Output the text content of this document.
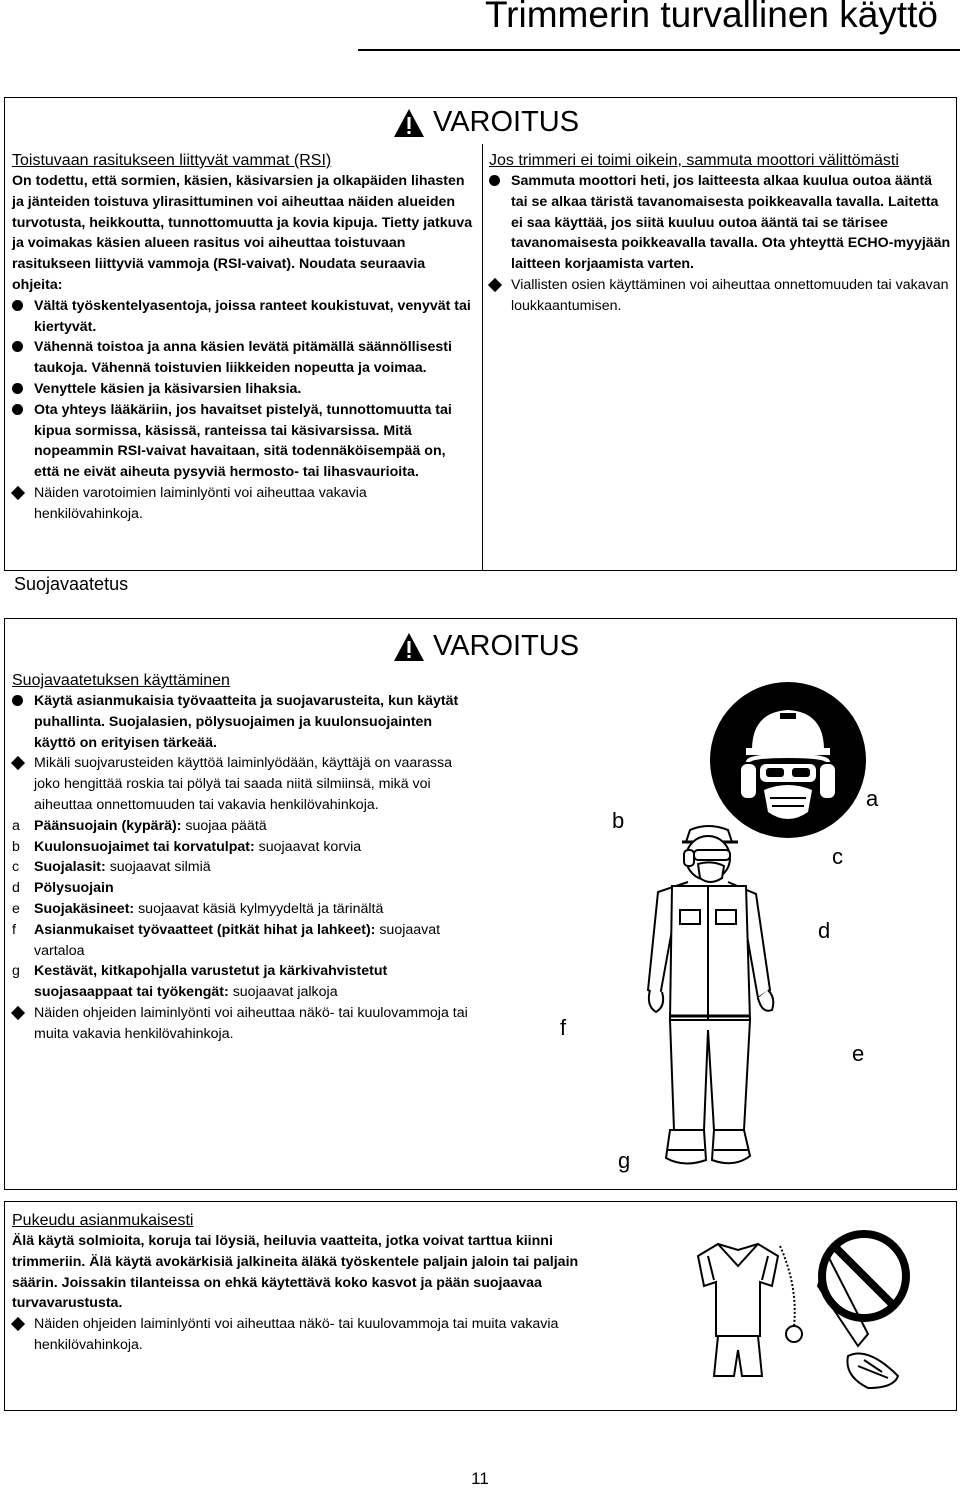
Trimmerin turvallinen käyttö
VAROITUS
Toistuvaan rasitukseen liittyvät vammat (RSI)
On todettu, että sormien, käsien, käsivarsien ja olkapäiden lihasten ja jänteiden toistuva ylirasittuminen voi aiheuttaa näiden alueiden turvotusta, heikkoutta, tunnottomuutta ja kovia kipuja. Tietty jatkuva ja voimakas käsien alueen rasitus voi aiheuttaa toistuvaan rasitukseen liittyviä vammoja (RSI-vaivat). Noudata seuraavia ohjeita:
Vältä työskentelyasentoja, joissa ranteet koukistuvat, venyvät tai kiertyvät.
Vähennä toistoa ja anna käsien levätä pitämällä säännöllisesti taukoja. Vähennä toistuvien liikkeiden nopeutta ja voimaa.
Venyttele käsien ja käsivarsien lihaksia.
Ota yhteys lääkäriin, jos havaitset pistelyä, tunnottomuutta tai kipua sormissa, käsissä, ranteissa tai käsivarsissa. Mitä nopeammin RSI-vaivat havaitaan, sitä todennäköisempää on, että ne eivät aiheuta pysyviä hermosto- tai lihasvaurioita.
Näiden varotoimien laiminlyönti voi aiheuttaa vakavia henkilövahinkoja.
Jos trimmeri ei toimi oikein, sammuta moottori välittömästi
Sammuta moottori heti, jos laitteesta alkaa kuulua outoa ääntä tai se alkaa täristä tavanomaisesta poikkeavalla tavalla. Laitetta ei saa käyttää, jos siitä kuuluu outoa ääntä tai se tärisee tavanomaisesta poikkeavalla tavalla. Ota yhteyttä ECHO-myyjään laitteen korjaamista varten.
Viallisten osien käyttäminen voi aiheuttaa onnettomuuden tai vakavan loukkaantumisen.
Suojavaatetus
VAROITUS
Suojavaatetuksen käyttäminen
Käytä asianmukaisia työvaatteita ja suojavarusteita, kun käytät puhallinta. Suojalasien, pölysuojaimen ja kuulonsuojainten käyttö on erityisen tärkeää.
Mikäli suojvarusteiden käyttöä laiminlyödään, käyttäjä on vaarassa joko hengittää roskia tai pölyä tai saada niitä silmiinsä, mikä voi aiheuttaa onnettomuuden tai vakavia henkilövahinkoja.
a Päänsuojain (kypärä): suojaa päätä
b Kuulonsuojaimet tai korvatulpat: suojaavat korvia
c Suojalasit: suojaavat silmiä
d Pölysuojain
e Suojakäsineet: suojaavat käsiä kylmyydeltä ja tärinältä
f Asianmukaiset työvaatteet (pitkät hihat ja lahkeet): suojaavat vartaloa
g Kestävät, kitkapohjalla varustetut ja kärkivahvistetut suojasaappaat tai työkengät: suojaavat jalkoja
Näiden ohjeiden laiminlyönti voi aiheuttaa näkö- tai kuulovammoja tai muita vakavia henkilövahinkoja.
a
b
c
d
f
e
g
Pukeudu asianmukaisesti
Älä käytä solmioita, koruja tai löysiä, heiluvia vaatteita, jotka voivat tarttua kiinni trimmeriin. Älä käytä avokärkisiä jalkineita äläkä työskentele paljain jaloin tai paljain säärin. Joissakin tilanteissa on ehkä käytettävä koko kasvot ja pään suojaavaa turvavarustusta.
Näiden ohjeiden laiminlyönti voi aiheuttaa näkö- tai kuulovammoja tai muita vakavia henkilövahinkoja.
11
